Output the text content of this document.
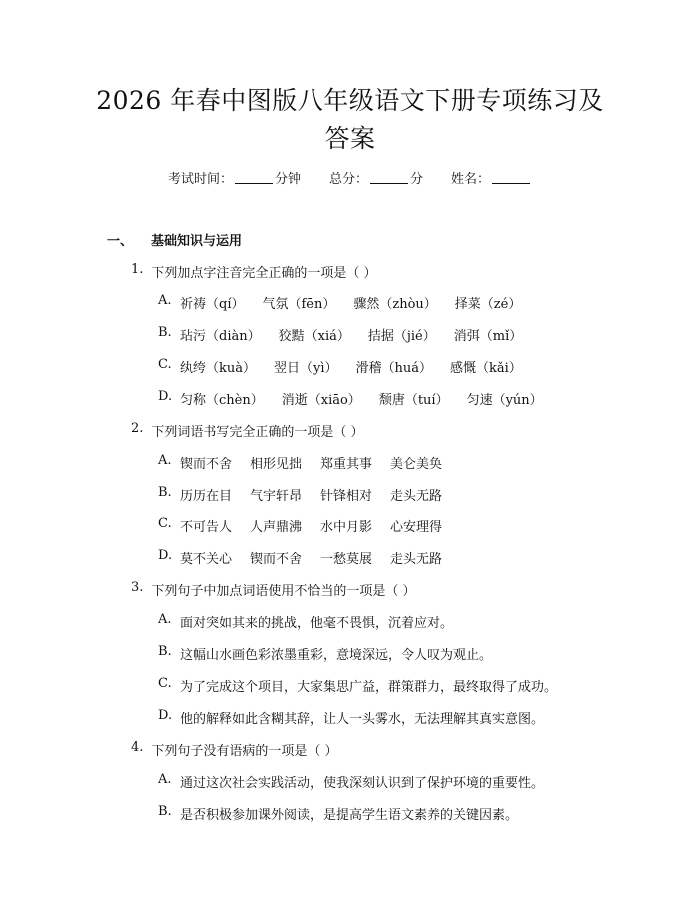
2026 年春中图版八年级语文下册专项练习及
答案
考试时间：	分钟 总分：	分 姓名：
一、 基础知识与运用
1. 下列加点字注音完全正确的一项是（ ）
A. 祈祷（qí） 气氛（fēn） 骤然（zhòu） 择菜（zé）
B. 玷污（diàn） 狡黠（xiá） 拮据（jié） 消弭（mǐ）
C. 纨绔（kuà） 翌日（yì） 滑稽（huá） 感慨（kǎi）
D. 匀称（chèn） 消逝（xiāo） 颓唐（tuí） 匀速（yún）
2. 下列词语书写完全正确的一项是（ ）
A. 锲而不舍 相形见拙 郑重其事 美仑美奂
B. 历历在目 气宇轩昂 针锋相对 走头无路
C. 不可告人 人声鼎沸 水中月影 心安理得
D. 莫不关心 锲而不舍 一愁莫展 走头无路
3. 下列句子中加点词语使用不恰当的一项是（ ）
A. 面对突如其来的挑战，他毫不畏惧，沉着应对。
B. 这幅山水画色彩浓墨重彩，意境深远，令人叹为观止。
C. 为了完成这个项目，大家集思广益，群策群力，最终取得了成功。
D. 他的解释如此含糊其辞，让人一头雾水，无法理解其真实意图。
4. 下列句子没有语病的一项是（ ）
A. 通过这次社会实践活动，使我深刻认识到了保护环境的重要性。
B. 是否积极参加课外阅读，是提高学生语文素养的关键因素。
